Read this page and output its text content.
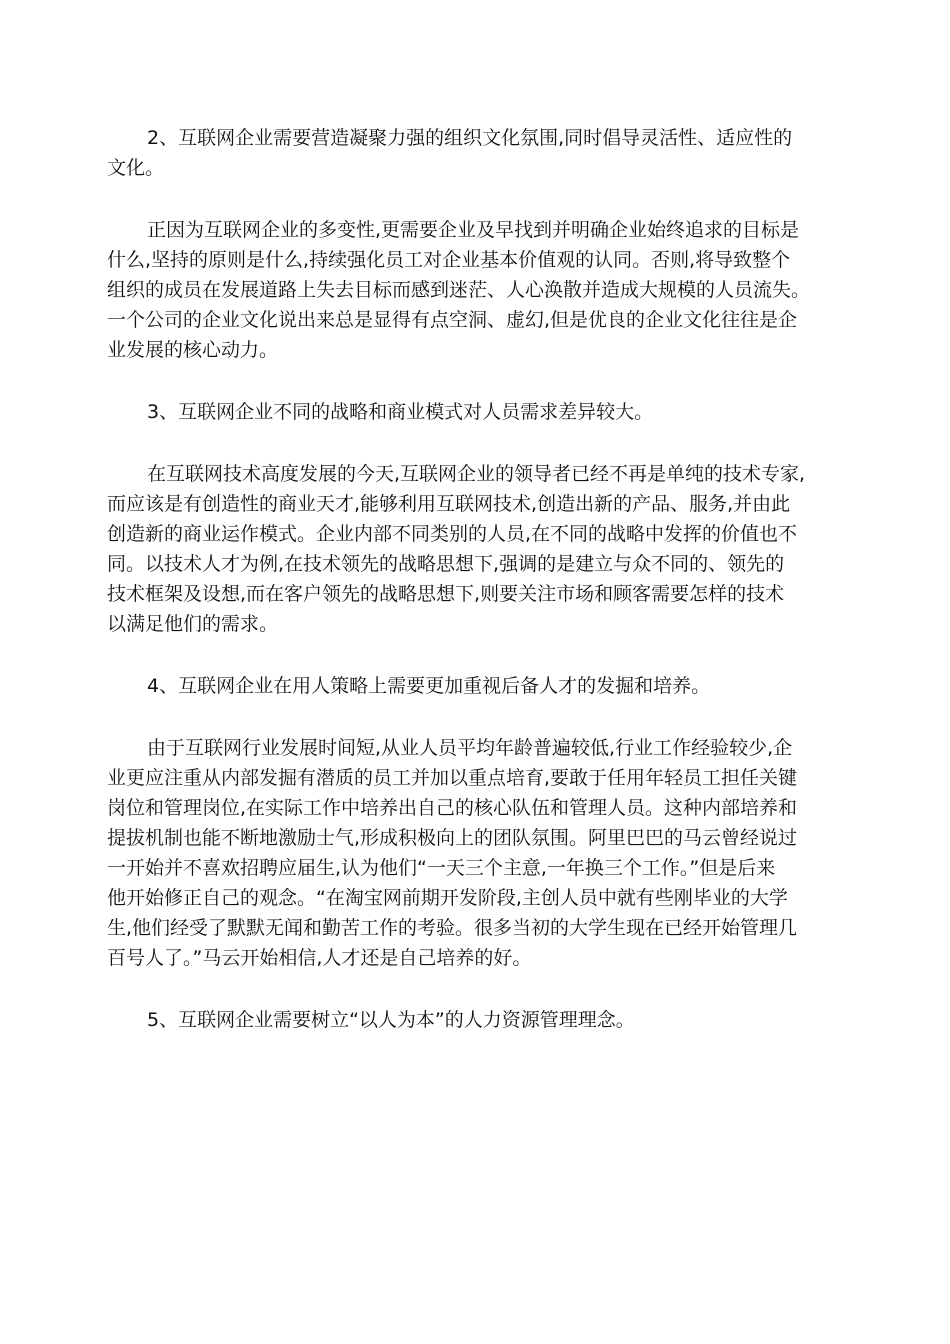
2、互联网企业需要营造凝聚力强的组织文化氛围,同时倡导灵活性、适应性的
文化。

正因为互联网企业的多变性,更需要企业及早找到并明确企业始终追求的目标是
什么,坚持的原则是什么,持续强化员工对企业基本价值观的认同。否则,将导致整个
组织的成员在发展道路上失去目标而感到迷茫、人心涣散并造成大规模的人员流失。
一个公司的企业文化说出来总是显得有点空洞、虚幻,但是优良的企业文化往往是企
业发展的核心动力。

3、互联网企业不同的战略和商业模式对人员需求差异较大。

在互联网技术高度发展的今天,互联网企业的领导者已经不再是单纯的技术专家,
而应该是有创造性的商业天才,能够利用互联网技术,创造出新的产品、服务,并由此
创造新的商业运作模式。企业内部不同类别的人员,在不同的战略中发挥的价值也不
同。以技术人才为例,在技术领先的战略思想下,强调的是建立与众不同的、领先的
技术框架及设想,而在客户领先的战略思想下,则要关注市场和顾客需要怎样的技术
以满足他们的需求。

4、互联网企业在用人策略上需要更加重视后备人才的发掘和培养。

由于互联网行业发展时间短,从业人员平均年龄普遍较低,行业工作经验较少,企
业更应注重从内部发掘有潜质的员工并加以重点培育,要敢于任用年轻员工担任关键
岗位和管理岗位,在实际工作中培养出自己的核心队伍和管理人员。这种内部培养和
提拔机制也能不断地激励士气,形成积极向上的团队氛围。阿里巴巴的马云曾经说过
一开始并不喜欢招聘应届生,认为他们“一天三个主意,一年换三个工作。”但是后来
他开始修正自己的观念。“在淘宝网前期开发阶段,主创人员中就有些刚毕业的大学
生,他们经受了默默无闻和勤苦工作的考验。很多当初的大学生现在已经开始管理几
百号人了。”马云开始相信,人才还是自己培养的好。

5、互联网企业需要树立“以人为本”的人力资源管理理念。
